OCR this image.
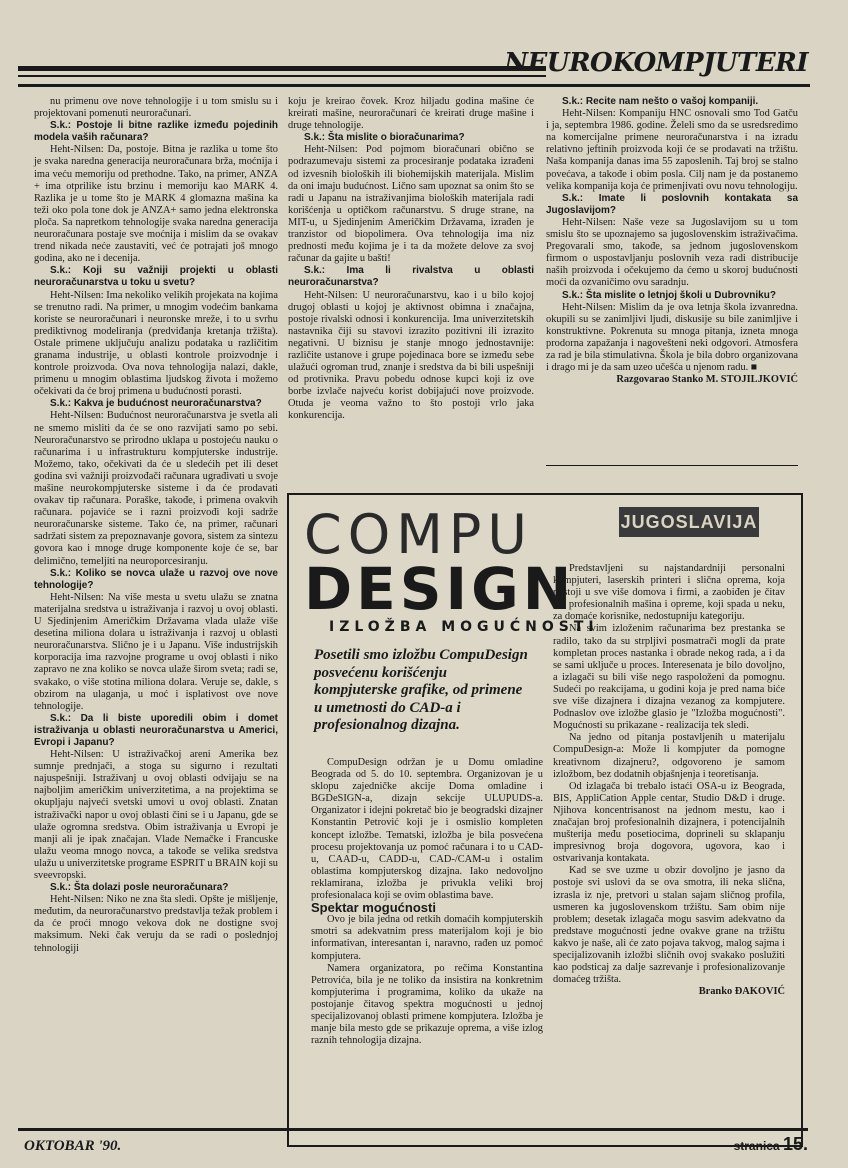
NEUROKOMPJUTERI

nu primenu ove nove tehnologije i u tom smislu su i projektovani pomenuti neuroračunari.

S.k.: Postoje li bitne razlike između pojedinih modela vaših računara?

Heht-Nilsen: Da, postoje. Bitna je razlika u tome što je svaka naredna generacija neuroračunara brža, moćnija i ima veću memoriju od prethodne. Tako, na primer, ANZA + ima otprilike istu brzinu i memoriju kao MARK 4. Razlika je u tome što je MARK 4 glomazna mašina ka teži oko pola tone dok je ANZA+ samo jedna elektronska ploča. Sa napretkom tehnologije svaka naredna generacija neuroračunara postaje sve moćnija i mislim da se ovakav trend nikada neće zaustaviti, već će potrajati još mnogo godina, ako ne i decenija.

S.k.: Koji su važniji projekti u oblasti neuroračunarstva u toku u svetu?

Heht-Nilsen: Ima nekoliko velikih projekata na kojima se trenutno radi. Na primer, u mnogim vodećim bankama koriste se neuroračunari i neuronske mreže, i to u svrhu prediktivnog modeliranja (predviđanja kretanja tržišta). Ostale primene uključuju analizu podataka u različitim granama industrije, u oblasti kontrole proizvodnje i kontrole proizvoda. Ova nova tehnologija nalazi, dakle, primenu u mnogim oblastima ljudskog života i možemo očekivati da će broj primena u budućnosti porasti.

S.k.: Kakva je budućnost neuroračunarstva?

Heht-Nilsen: Budućnost neuroračunarstva je svetla ali ne smemo misliti da će se ono razvijati samo po sebi. Neuroračunarstvo se prirodno uklapa u postojeću nauku o računarima i u infrastrukturu kompjuterske industrije. Možemo, tako, očekivati da će u sledećih pet ili deset godina svi važniji proizvođači računara ugrađivati u svoje mašine neurokompjuterske sisteme i da će prodavati ovakav tip računara. Poraške, takođe, i primena ovakvih računara. pojaviće se i razni proizvođi koji sadrže neuroračunarske sisteme. Tako će, na primer, računari sadržati sistem za prepoznavanje govora, sistem za sintezu govora kao i mnoge druge komponente koje će se, bar delimično, temeljiti na neuroporcesiranju.

S.k.: Koliko se novca ulaže u razvoj ove nove tehnologije?

Heht-Nilsen: Na više mesta u svetu ulažu se znatna materijalna sredstva u istraživanja i razvoj u ovoj oblasti. U Sjedinjenim Američkim Državama vlada ulaže više desetina miliona dolara u istraživanja i razvoj u oblasti neuroračunarstva. Slično je i u Japanu. Više industrijskih korporacija ima razvojne programe u ovoj oblasti i niko zapravo ne zna koliko se novca ulaže širom sveta; radi se, svakako, o više stotina miliona dolara. Veruje se, dakle, s obzirom na ulaganja, u moć i isplativost ove nove tehnologije.

S.k.: Da li biste uporedili obim i domet istraživanja u oblasti neuroračunarstva u Americi, Evropi i Japanu?

Heht-Nilsen: U istraživačkoj areni Amerika bez sumnje prednjači, a stoga su sigurno i rezultati najuspešniji. Istraživanj u ovoj oblasti odvijaju se na najboljim američkim univerzitetima, a na projektima se okupljaju najveći svetski umovi u ovoj oblasti. Znatan istraživački napor u ovoj oblasti čini se i u Japanu, gde se ulaže ogromna sredstva. Obim istraživanja u Evropi je manji ali je ipak značajan. Vlade Nemačke i Francuske ulažu veoma mnogo novca, a takođe se velika sredstva ulažu u univerzitetske programe ESPRIT u BRAIN koji su sveevropski.

S.k.: Šta dolazi posle neuroračunara?

Heht-Nilsen: Niko ne zna šta sledi. Opšte je mišljenje, međutim, da neuroračunarstvo predstavlja težak problem i da će proći mnogo vekova dok ne dostigne svoj maksimum. Neki čak veruju da se radi o poslednjoj tehnologiji

koju je kreirao čovek. Kroz hiljadu godina mašine će kreirati mašine, neuroračunari će kreirati druge mašine i druge tehnologije.

S.k.: Šta mislite o bioračunarima?

Heht-Nilsen: Pod pojmom bioračunari obično se podrazumevaju sistemi za procesiranje podataka izrađeni od izvesnih bioloških ili biohemijskih materijala. Mislim da oni imaju budućnost. Lično sam upoznat sa onim što se radi u Japanu na istraživanjima bioloških materijala radi korišćenja u optičkom računarstvu. S druge strane, na MIT-u, u Sjedinjenim Američkim Državama, izrađen je tranzistor od biopolimera. Ova tehnologija ima niz prednosti među kojima je i ta da možete delove za svoj računar da gajite u bašti!

S.k.: Ima li rivalstva u oblasti neuroračunarstva?

Heht-Nilsen: U neuroračunarstvu, kao i u bilo kojoj drugoj oblasti u kojoj je aktivnost obimna i značajna, postoje rivalski odnosi i konkurencija. Ima univerzitetskih nastavnika čiji su stavovi izrazito pozitivni ili izrazito negativni. U biznisu je stanje mnogo jednostavnije: različite ustanove i grupe pojedinaca bore se između sebe ulažući ogroman trud, znanje i sredstva da bi bili uspešniji od protivnika. Pravu pobedu odnose kupci koji iz ove borbe izvlače najveću korist dobijajući nove proizvode. Otuda je veoma važno to što postoji vrlo jaka konkurencija.

S.k.: Recite nam nešto o vašoj kompaniji.

Heht-Nilsen: Kompaniju HNC osnovali smo Tod Gatču i ja, septembra 1986. godine. Želeli smo da se usredsredimo na komercijalne primene neuroračunarstva i na izradu relativno jeftinih proizvoda koji će se prodavati na tržištu. Naša kompanija danas ima 55 zaposlenih. Taj broj se stalno povećava, a takođe i obim posla. Cilj nam je da postanemo velika kompanija koja će primenjivati ovu novu tehnologiju.

S.k.: Imate li poslovnih kontakata sa Jugoslavijom?

Heht-Nilsen: Naše veze sa Jugoslavijom su u tom smislu što se upoznajemo sa jugoslovenskim istraživačima. Pregovarali smo, takođe, sa jednom jugoslovenskom firmom o uspostavljanju poslovnih veza radi distribucije naših proizvoda i očekujemo da ćemo u skoroj budućnosti moći da ozvaničimo ovu saradnju.

S.k.: Šta mislite o letnjoj školi u Dubrovniku?

Heht-Nilsen: Mislim da je ova letnja škola izvanredna. okupili su se zanimljivi ljudi, diskusije su bile zanimljive i konstruktivne. Pokrenuta su mnoga pitanja, izneta mnoga prodorna zapažanja i nagovešteni neki odgovori. Atmosfera za rad je bila stimulativna. Škola je bila dobro organizovana i drago mi je da sam uzeo učešća u njenom radu. ■

Razgovarao Stanko M. STOJILJKOVIĆ

COMPU
DESIGN
IZLOŽBA MOGUĆNOSTI
JUGOSLAVIJA
Posetili smo izložbu CompuDesign posvećenu korišćenju kompjuterske grafike, od primene u umetnosti do CAD-a i profesionalnog dizajna.

CompuDesign održan je u Domu omladine Beograda od 5. do 10. septembra. Organizovan je u sklopu zajedničke akcije Doma omladine i BGDeSIGN-a, dizajn sekcije ULUPUDS-a. Organizator i idejni pokretač bio je beogradski dizajner Konstantin Petrović koji je i osmislio kompleten koncept izložbe. Tematski, izložba je bila posvećena procesu projektovanja uz pomoć računara i to u CAD-u, CAAD-u, CADD-u, CAD-/CAM-u i ostalim oblastima kompjuterskog dizajna. Iako nedovoljno reklamirana, izložba je privukla veliki broj profesionalaca koji se ovim oblastima bave.

Spektar mogućnosti

Ovo je bila jedna od retkih domaćih kompjuterskih smotri sa adekvatnim press materijalom koji je bio informativan, interesantan i, naravno, rađen uz pomoć kompjutera.

Namera organizatora, po rečima Konstantina Petrovića, bila je ne toliko da insistira na konkretnim kompjuterima i programima, koliko da ukaže na postojanje čitavog spektra mogućnosti u jednoj specijalizovanoj oblasti primene kompjutera. Izložba je manje bila mesto gde se prikazuje oprema, a više izlog raznih tehnologija dizajna.

Predstavljeni su najstandardniji personalni kompjuteri, laserskih printeri i slična oprema, koja postoji u sve više domova i firmi, a zaobiđen je čitav niz profesionalnih mašina i opreme, koji spada u neku, za domaće korisnike, nedostupniju kategoriju.

Na svim izloženim računarima bez prestanka se radilo, tako da su strpljivi posmatrači mogli da prate kompletan proces nastanka i obrade nekog rada, a i da se sami uključe u proces. Interesenata je bilo dovoljno, a izlagači su bili više nego raspoloženi da pomognu. Sudeći po reakcijama, u godini koja je pred nama biće sve više dizajnera i dizajna vezanog za kompjutere. Podnaslov ove izložbe glasio je "Izložba mogućnosti". Mogućnosti su prikazane - realizacija tek sledi.

Na jedno od pitanja postavljenih u materijalu CompuDesign-a: Može li kompjuter da pomogne kreativnom dizajneru?, odgovoreno je samom izložbom, bez dodatnih objašnjenja i teoretisanja.

Od izlagača bi trebalo istaći OSA-u iz Beograda, BIS, AppliCation Apple centar, Studio D&D i druge. Njihova koncentrisanost na jednom mestu, kao i značajan broj profesionalnih dizajnera, i potencijalnih mušterija među posetiocima, doprineli su sklapanju impresivnog broja dogovora, ugovora, kao i ostvarivanja kontakata.

Kad se sve uzme u obzir dovoljno je jasno da postoje svi uslovi da se ova smotra, ili neka slična, izrasla iz nje, pretvori u stalan sajam sličnog profila, usmeren ka jugoslovenskom tržištu. Sam obim nije problem; desetak izlagača mogu sasvim adekvatno da predstave mogućnosti jedne ovakve grane na tržištu kakvo je naše, ali će zato pojava takvog, malog sajma i specijalizovanih izložbi sličnih ovoj svakako poslužiti kao podsticaj za dalje sazrevanje i profesionalizovanje domaćeg tržišta.

Branko ĐAKOVIĆ

OKTOBAR '90.	stranica 15.
